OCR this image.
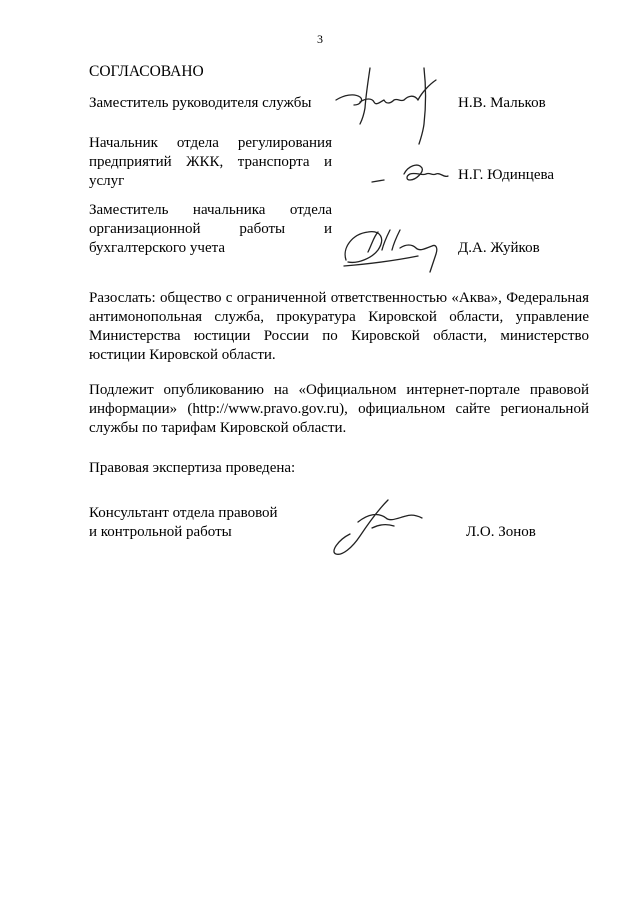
3
СОГЛАСОВАНО
Заместитель руководителя службы	Н.В. Мальков
Начальник отдела регулирования
предприятий ЖКК, транспорта и
услуг	Н.Г. Юдинцева
Заместитель начальника отдела
организационной работы и
бухгалтерского учета	Д.А. Жуйков
Разослать: общество с ограниченной ответственностью «Аква», Федеральная
антимонопольная служба, прокуратура Кировской области, управление
Министерства юстиции России по Кировской области, министерство
юстиции Кировской области.
Подлежит опубликованию на «Официальном интернет-портале правовой
информации» (http://www.pravo.gov.ru), официальном сайте региональной
службы по тарифам Кировской области.
Правовая экспертиза проведена:
Консультант отдела правовой
и контрольной работы	Л.О. Зонов
